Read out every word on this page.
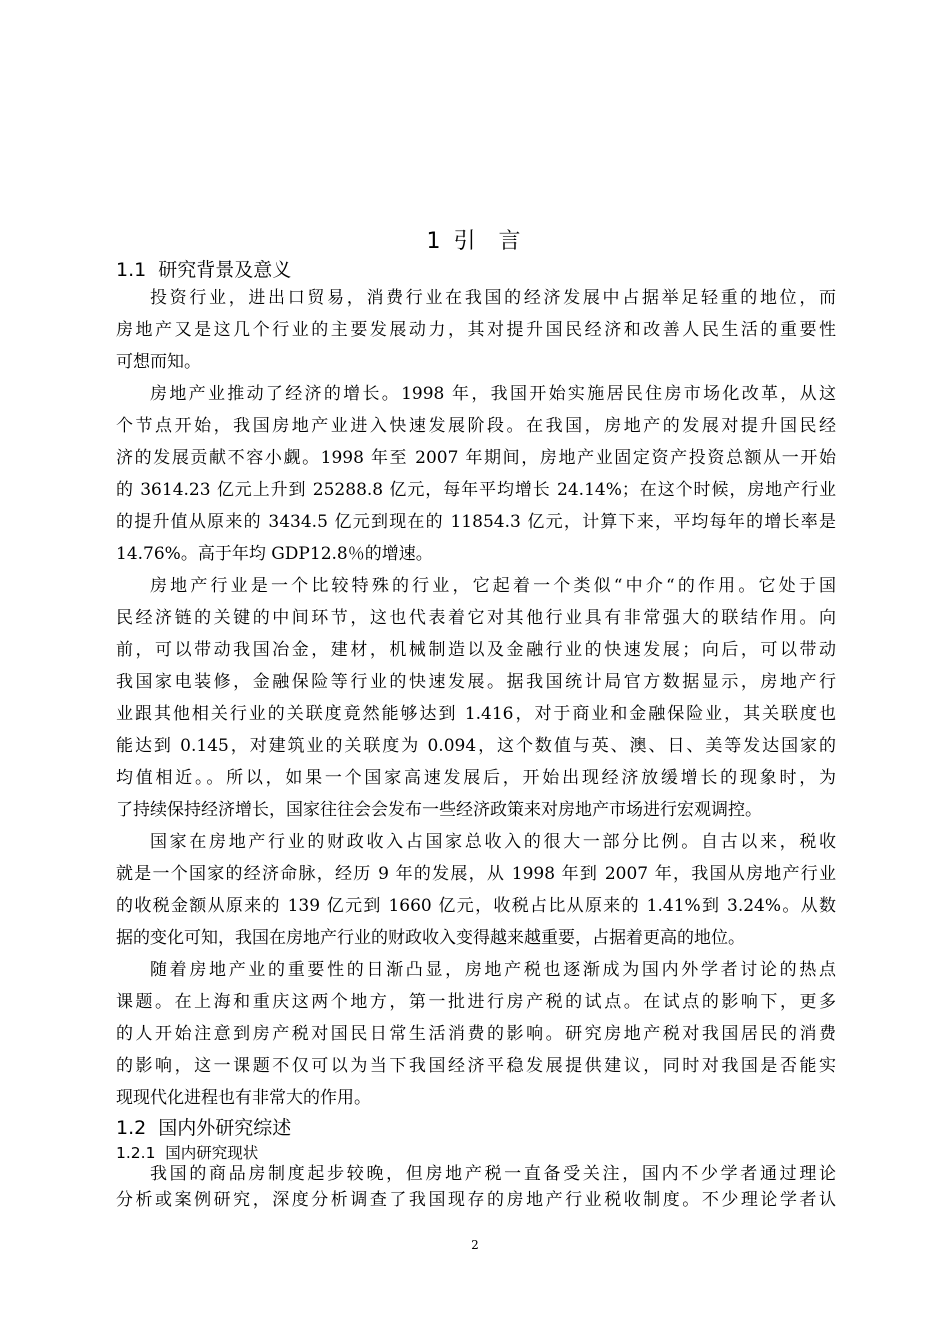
1 引  言
1.1  研究背景及意义
投资行业，进出口贸易，消费行业在我国的经济发展中占据举足轻重的地位，而
房地产又是这几个行业的主要发展动力，其对提升国民经济和改善人民生活的重要性
可想而知。
房地产业推动了经济的增长。1998 年，我国开始实施居民住房市场化改革，从这
个节点开始，我国房地产业进入快速发展阶段。在我国，房地产的发展对提升国民经
济的发展贡献不容小觑。1998 年至 2007 年期间，房地产业固定资产投资总额从一开始
的 3614.23 亿元上升到 25288.8 亿元，每年平均增长 24.14%；在这个时候，房地产行业
的提升值从原来的 3434.5 亿元到现在的 11854.3 亿元，计算下来，平均每年的增长率是
14.76%。高于年均 GDP12.8％的增速。
房地产行业是一个比较特殊的行业，它起着一个类似“中介“的作用。它处于国
民经济链的关键的中间环节，这也代表着它对其他行业具有非常强大的联结作用。向
前，可以带动我国冶金，建材，机械制造以及金融行业的快速发展；向后，可以带动
我国家电装修，金融保险等行业的快速发展。据我国统计局官方数据显示，房地产行
业跟其他相关行业的关联度竟然能够达到 1.416，对于商业和金融保险业，其关联度也
能达到 0.145，对建筑业的关联度为 0.094，这个数值与英、澳、日、美等发达国家的
均值相近。。所以，如果一个国家高速发展后，开始出现经济放缓增长的现象时，为
了持续保持经济增长，国家往往会会发布一些经济政策来对房地产市场进行宏观调控。
国家在房地产行业的财政收入占国家总收入的很大一部分比例。自古以来，税收
就是一个国家的经济命脉，经历 9 年的发展，从 1998 年到 2007 年，我国从房地产行业
的收税金额从原来的 139 亿元到 1660 亿元，收税占比从原来的 1.41%到 3.24%。从数
据的变化可知，我国在房地产行业的财政收入变得越来越重要，占据着更高的地位。
随着房地产业的重要性的日渐凸显，房地产税也逐渐成为国内外学者讨论的热点
课题。在上海和重庆这两个地方，第一批进行房产税的试点。在试点的影响下，更多
的人开始注意到房产税对国民日常生活消费的影响。研究房地产税对我国居民的消费
的影响，这一课题不仅可以为当下我国经济平稳发展提供建议，同时对我国是否能实
现现代化进程也有非常大的作用。
1.2  国内外研究综述
1.2.1  国内研究现状
我国的商品房制度起步较晚，但房地产税一直备受关注，国内不少学者通过理论
分析或案例研究，深度分析调查了我国现存的房地产行业税收制度。不少理论学者认
2
